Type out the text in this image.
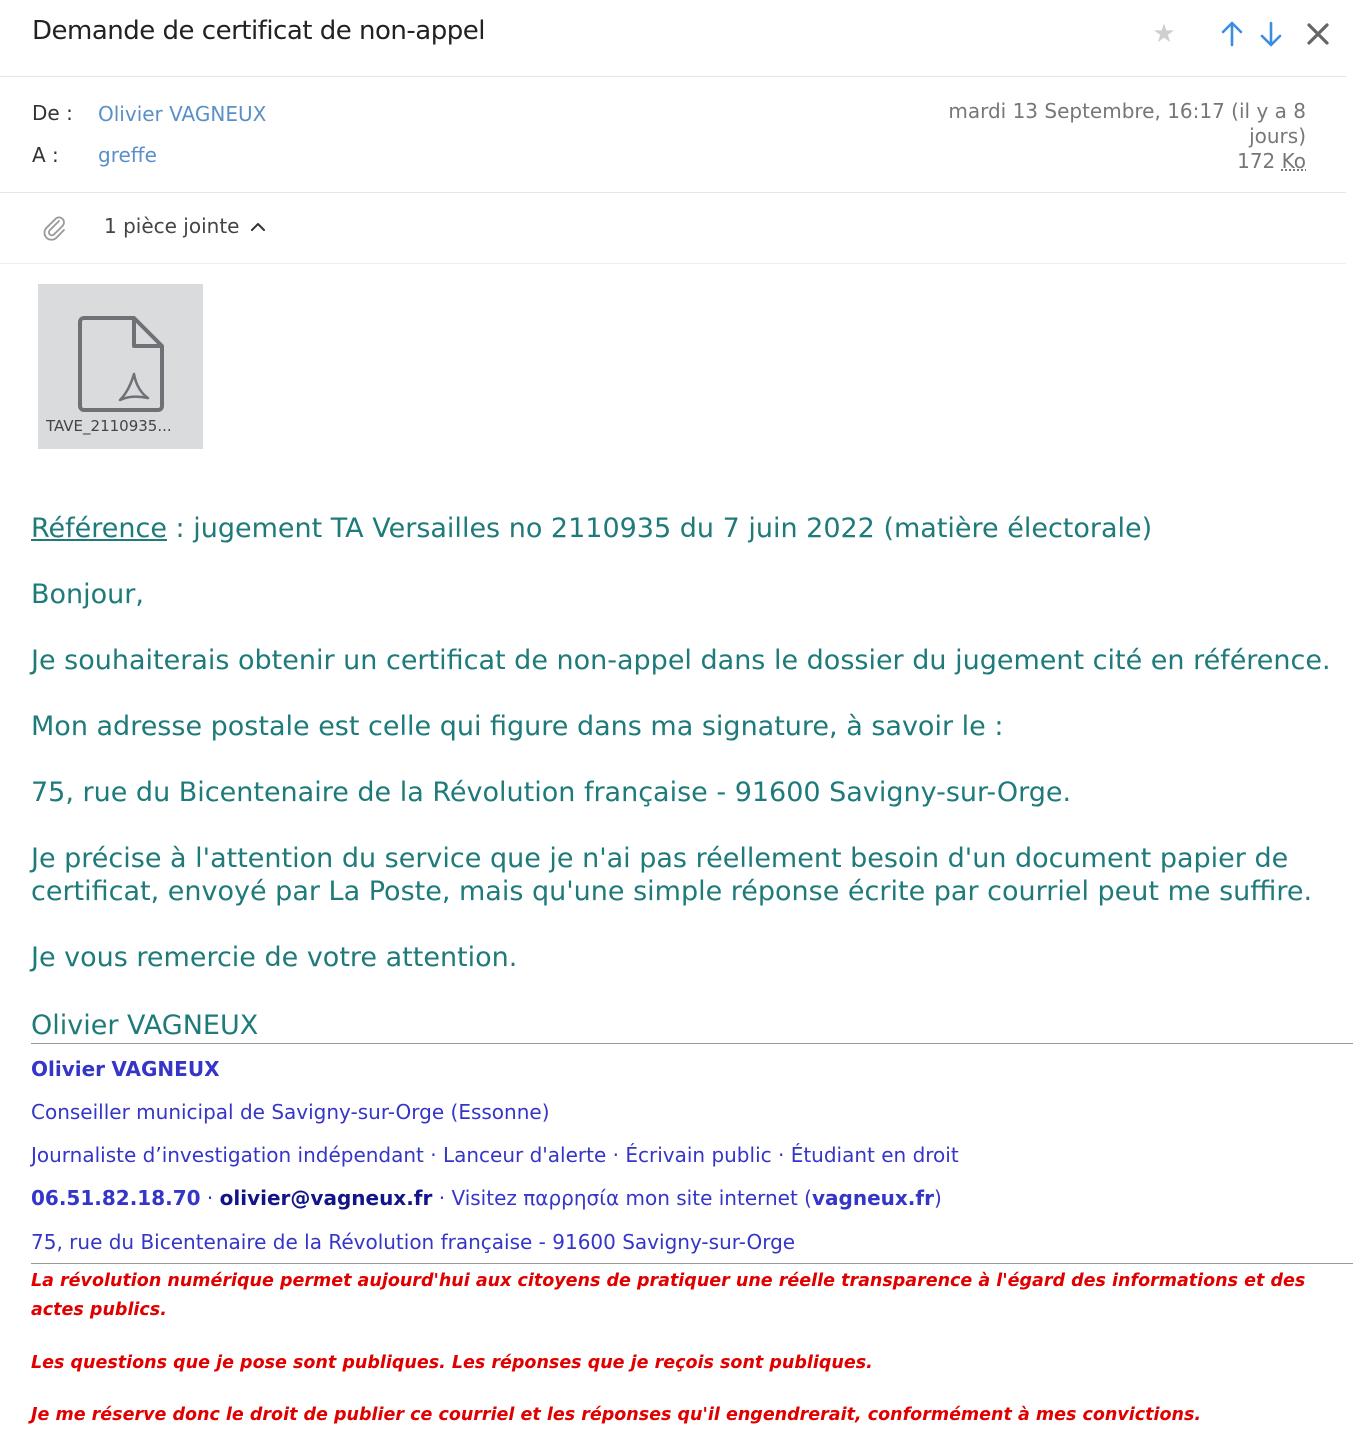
Demande de certificat de non-appel	★
De : Olivier VAGNEUX
A : greffe
mardi 13 Septembre, 16:17 (il y a 8
jours)
172 Ko
1 pièce jointe
TAVE_2110935...

Référence : jugement TA Versailles no 2110935 du 7 juin 2022 (matière électorale)

Bonjour,

Je souhaiterais obtenir un certificat de non-appel dans le dossier du jugement cité en référence.

Mon adresse postale est celle qui figure dans ma signature, à savoir le :

75, rue du Bicentenaire de la Révolution française - 91600 Savigny-sur-Orge.

Je précise à l'attention du service que je n'ai pas réellement besoin d'un document papier de certificat, envoyé par La Poste, mais qu'une simple réponse écrite par courriel peut me suffire.

Je vous remercie de votre attention.

Olivier VAGNEUX
Olivier VAGNEUX
Conseiller municipal de Savigny-sur-Orge (Essonne)
Journaliste d’investigation indépendant · Lanceur d'alerte · Écrivain public · Étudiant en droit
06.51.82.18.70 · olivier@vagneux.fr · Visitez παρρησία mon site internet (vagneux.fr)
75, rue du Bicentenaire de la Révolution française - 91600 Savigny-sur-Orge
La révolution numérique permet aujourd'hui aux citoyens de pratiquer une réelle transparence à l'égard des informations et des actes publics.
Les questions que je pose sont publiques. Les réponses que je reçois sont publiques.
Je me réserve donc le droit de publier ce courriel et les réponses qu'il engendrerait, conformément à mes convictions.
